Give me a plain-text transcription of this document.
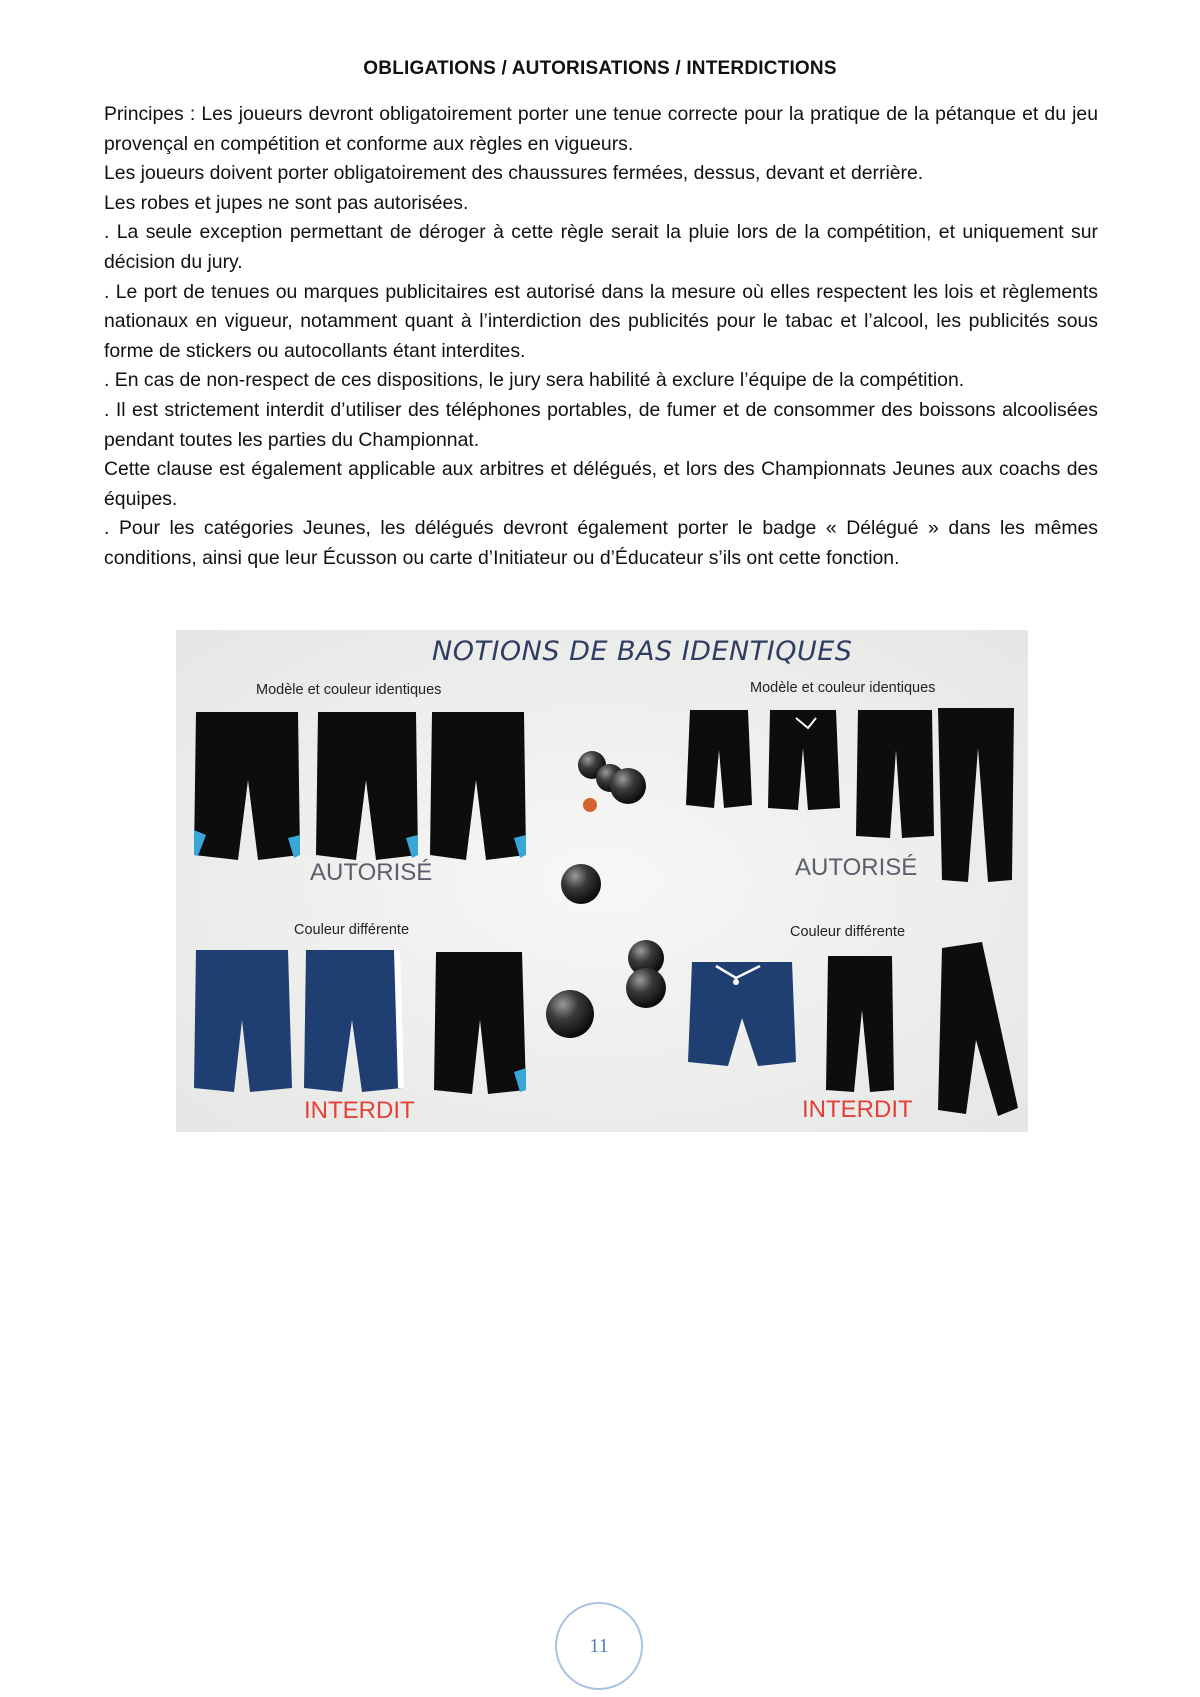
OBLIGATIONS / AUTORISATIONS / INTERDICTIONS

Principes : Les joueurs devront obligatoirement porter une tenue correcte pour la pratique de la pétanque et du jeu provençal en compétition et conforme aux règles en vigueurs.

Les joueurs doivent porter obligatoirement des chaussures fermées, dessus, devant et derrière.

Les robes et jupes ne sont pas autorisées.

. La seule exception permettant de déroger à cette règle serait la pluie lors de la compétition, et uniquement sur décision du jury.

. Le port de tenues ou marques publicitaires est autorisé dans la mesure où elles respectent les lois et règlements nationaux en vigueur, notamment quant à l’interdiction des publicités pour le tabac et l’alcool, les publicités sous forme de stickers ou autocollants étant interdites.

. En cas de non-respect de ces dispositions, le jury sera habilité à exclure l’équipe de la compétition.

. Il est strictement interdit d’utiliser des téléphones portables, de fumer et de consommer des boissons alcoolisées pendant toutes les parties du Championnat.

Cette clause est également applicable aux arbitres et délégués, et lors des Championnats Jeunes aux coachs des équipes.

. Pour les catégories Jeunes, les délégués devront également porter le badge « Délégué » dans les mêmes conditions, ainsi que leur Écusson ou carte d’Initiateur ou d’Éducateur s’ils ont cette fonction.

NOTIONS DE BAS IDENTIQUES
Modèle et couleur identiques	Modèle et couleur identiques
Couleur différente	Couleur différente
AUTORISÉ	AUTORISÉ
INTERDIT	INTERDIT
11
